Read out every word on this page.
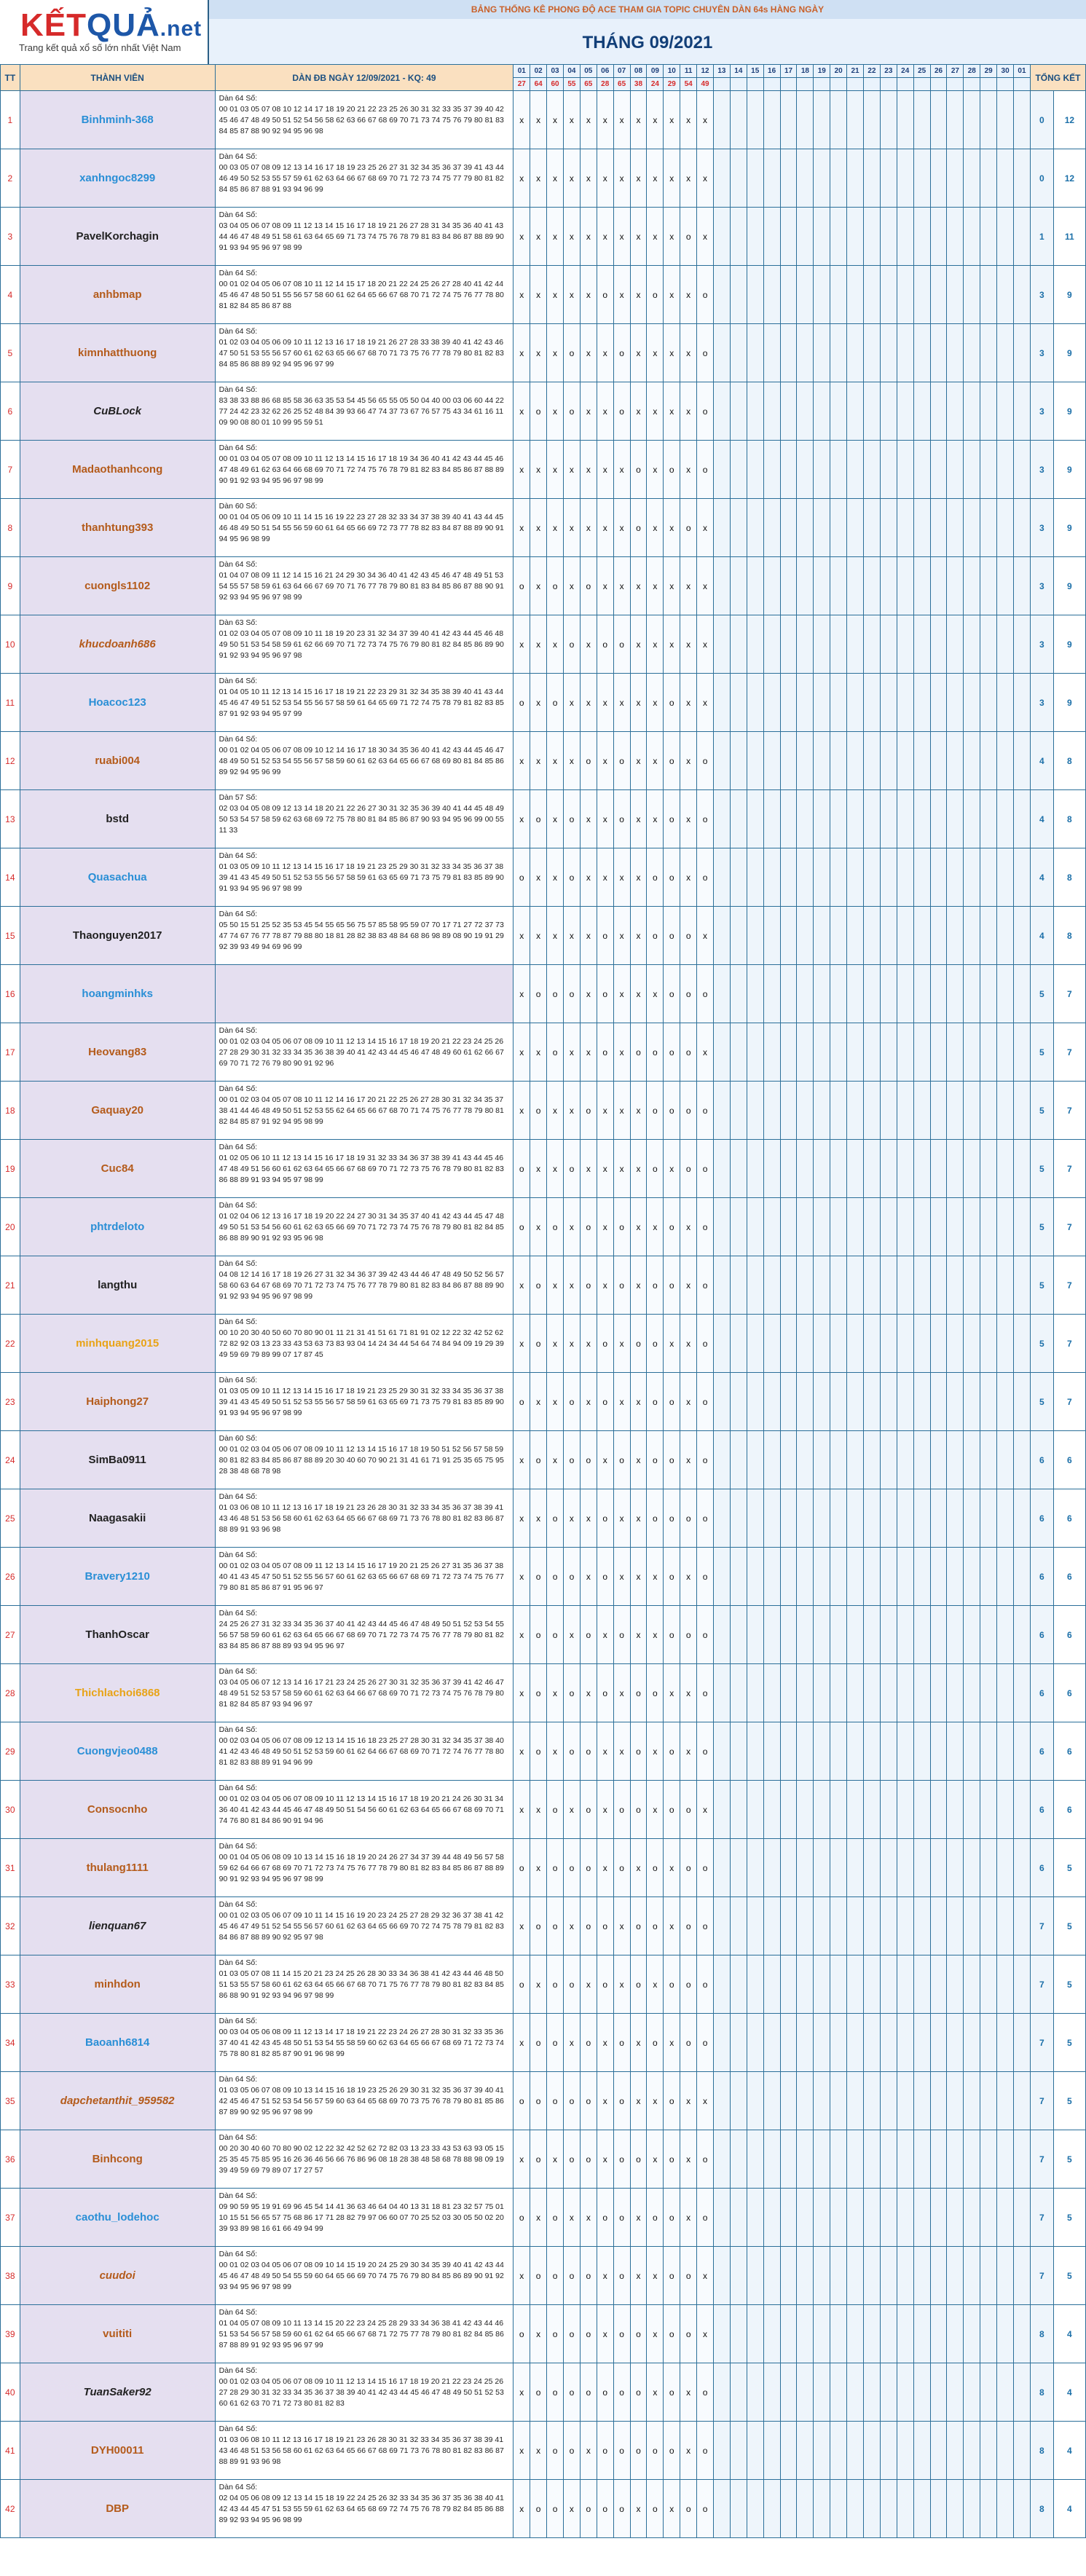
KẾTQUẢ.net
Trang kết quả xổ số lớn nhất Việt Nam
BẢNG THỐNG KÊ PHONG ĐỘ ACE THAM GIA TOPIC CHUYÊN DÀN 64s HÀNG NGÀY
THÁNG 09/2021
TT	THÀNH VIÊN	DÀN ĐB NGÀY 12/09/2021 - KQ: 49	01	02	03	04	05	06	07	08	09	10	11	12	13	14	15	16	17	18	19	20	21	22	23	24	25	26	27	28	29	30	01	TỔNG KẾT	
			27	64	60	55	65	28	65	38	24	29	54	49																					
1	Binhminh-368	Dàn 64 Số:
00 01 03 05 07 08 10 12 14 17 18 19 20 21 22 23 25 26 30 31 32 33 35 37 39 40 42 45 46 47 48 49 50 51 52 54 56 58 62 63 66 67 68 69 70 71 73 74 75 76 79 80 81 83 84 85 87 88 90 92 94 95 96 98	x	x	x	x	x	x	x	x	x	x	x	x																				0	12
2	xanhngoc8299	Dàn 64 Số:
00 03 05 07 08 09 12 13 14 16 17 18 19 23 25 26 27 31 32 34 35 36 37 39 41 43 44 46 49 50 52 53 55 57 59 61 62 63 64 66 67 68 69 70 71 72 73 74 75 77 79 80 81 82 84 85 86 87 88 91 93 94 96 99	x	x	x	x	x	x	x	x	x	x	x	x																				0	12
3	PavelKorchagin	Dàn 64 Số:
03 04 05 06 07 08 09 11 12 13 14 15 16 17 18 19 21 26 27 28 31 34 35 36 40 41 43 44 46 47 48 49 51 58 61 63 64 65 69 71 73 74 75 76 78 79 81 83 84 86 87 88 89 90 91 93 94 95 96 97 98 99	x	x	x	x	x	x	x	x	x	x	o	x																				1	11
4	anhbmap	Dàn 64 Số:
00 01 02 04 05 06 07 08 10 11 12 14 15 17 18 20 21 22 24 25 26 27 28 40 41 42 44 45 46 47 48 50 51 55 56 57 58 60 61 62 64 65 66 67 68 70 71 72 74 75 76 77 78 80 81 82 84 85 86 87 88	x	x	x	x	x	o	x	x	o	x	x	o																				3	9
5	kimnhatthuong	Dàn 64 Số:
01 02 03 04 05 06 09 10 11 12 13 16 17 18 19 21 26 27 28 33 38 39 40 41 42 43 46 47 50 51 53 55 56 57 60 61 62 63 65 66 67 68 70 71 73 75 76 77 78 79 80 81 82 83 84 85 86 88 89 92 94 95 96 97 99	x	x	x	o	x	x	o	x	x	x	x	o																				3	9
6	CuBLock	Dàn 64 Số:
83 38 33 88 86 68 85 58 36 63 35 53 54 45 56 65 55 05 50 04 40 00 03 06 60 44 22 77 24 42 23 32 62 26 25 52 48 84 39 93 66 47 74 37 73 67 76 57 75 43 34 61 16 11 09 90 08 80 01 10 99 95 59 51	x	o	x	o	x	x	o	x	x	x	x	o																				3	9
7	Madaothanhcong	Dàn 64 Số:
00 01 03 04 05 07 08 09 10 11 12 13 14 15 16 17 18 19 34 36 40 41 42 43 44 45 46 47 48 49 61 62 63 64 66 68 69 70 71 72 74 75 76 78 79 81 82 83 84 85 86 87 88 89 90 91 92 93 94 95 96 97 98 99	x	x	x	x	x	x	x	o	x	o	x	o																				3	9
8	thanhtung393	Dàn 60 Số:
00 01 04 05 06 09 10 11 14 15 16 19 22 23 27 28 32 33 34 37 38 39 40 41 43 44 45 46 48 49 50 51 54 55 56 59 60 61 64 65 66 69 72 73 77 78 82 83 84 87 88 89 90 91 94 95 96 98 99	x	x	x	x	x	x	x	o	x	x	o	x																				3	9
9	cuongls1102	Dàn 64 Số:
01 04 07 08 09 11 12 14 15 16 21 24 29 30 34 36 40 41 42 43 45 46 47 48 49 51 53 54 55 57 58 59 61 63 64 66 67 69 70 71 76 77 78 79 80 81 83 84 85 86 87 88 90 91 92 93 94 95 96 97 98 99	o	x	o	x	o	x	x	x	x	x	x	x																				3	9
10	khucdoanh686	Dàn 63 Số:
01 02 03 04 05 07 08 09 10 11 18 19 20 23 31 32 34 37 39 40 41 42 43 44 45 46 48 49 50 51 53 54 58 59 61 62 66 69 70 71 72 73 74 75 76 79 80 81 82 84 85 86 89 90 91 92 93 94 95 96 97 98	x	x	x	o	x	o	o	x	x	x	x	x																				3	9
11	Hoacoc123	Dàn 64 Số:
01 04 05 10 11 12 13 14 15 16 17 18 19 21 22 23 29 31 32 34 35 38 39 40 41 43 44 45 46 47 49 51 52 53 54 55 56 57 58 59 61 64 65 69 71 72 74 75 78 79 81 82 83 85 87 91 92 93 94 95 97 99	o	x	o	x	x	x	x	x	x	o	x	x																				3	9
12	ruabi004	Dàn 64 Số:
00 01 02 04 05 06 07 08 09 10 12 14 16 17 18 30 34 35 36 40 41 42 43 44 45 46 47 48 49 50 51 52 53 54 55 56 57 58 59 60 61 62 63 64 65 66 67 68 69 80 81 84 85 86 89 92 94 95 96 99	x	x	x	x	o	x	o	x	x	o	x	o																				4	8
13	bstd	Dàn 57 Số:
02 03 04 05 08 09 12 13 14 18 20 21 22 26 27 30 31 32 35 36 39 40 41 44 45 48 49 50 53 54 57 58 59 62 63 68 69 72 75 78 80 81 84 85 86 87 90 93 94 95 96 99 00 55 11 33	x	o	x	o	x	x	o	x	x	o	x	o																				4	8
14	Quasachua	Dàn 64 Số:
01 03 05 09 10 11 12 13 14 15 16 17 18 19 21 23 25 29 30 31 32 33 34 35 36 37 38 39 41 43 45 49 50 51 52 53 55 56 57 58 59 61 63 65 69 71 73 75 79 81 83 85 89 90 91 93 94 95 96 97 98 99	o	x	x	o	x	x	x	x	o	o	x	o																				4	8
15	Thaonguyen2017	Dàn 64 Số:
05 50 15 51 25 52 35 53 45 54 55 65 56 75 57 85 58 95 59 07 70 17 71 27 72 37 73 47 74 67 76 77 78 87 79 88 80 18 81 28 82 38 83 48 84 68 86 98 89 08 90 19 91 29 92 39 93 49 94 69 96 99	x	x	x	x	x	o	x	x	o	o	o	x																				4	8
16	hoangminhks		x	o	o	o	x	o	x	x	x	o	o	o																				5	7
17	Heovang83	Dàn 64 Số:
00 01 02 03 04 05 06 07 08 09 10 11 12 13 14 15 16 17 18 19 20 21 22 23 24 25 26 27 28 29 30 31 32 33 34 35 36 38 39 40 41 42 43 44 45 46 47 48 49 60 61 62 66 67 69 70 71 72 76 79 80 90 91 92 96	x	x	o	x	x	o	x	o	o	o	o	x																				5	7
18	Gaquay20	Dàn 64 Số:
00 01 02 03 04 05 07 08 10 11 12 14 16 17 20 21 22 25 26 27 28 30 31 32 34 35 37 38 41 44 46 48 49 50 51 52 53 55 62 64 65 66 67 68 70 71 74 75 76 77 78 79 80 81 82 84 85 87 91 92 94 95 98 99	x	o	x	x	o	x	x	x	o	o	o	o																				5	7
19	Cuc84	Dàn 64 Số:
01 02 05 06 10 11 12 13 14 15 16 17 18 19 31 32 33 34 36 37 38 39 41 43 44 45 46 47 48 49 51 56 60 61 62 63 64 65 66 67 68 69 70 71 72 73 75 76 78 79 80 81 82 83 86 88 89 91 93 94 95 97 98 99	o	x	x	o	x	x	x	x	o	x	o	o																				5	7
20	phtrdeloto	Dàn 64 Số:
01 02 04 06 12 13 16 17 18 19 20 22 24 27 30 31 34 35 37 40 41 42 43 44 45 47 48 49 50 51 53 54 56 60 61 62 63 65 66 69 70 71 72 73 74 75 76 78 79 80 81 82 84 85 86 88 89 90 91 92 93 95 96 98	o	x	o	x	o	x	o	x	x	o	x	o																				5	7
21	langthu	Dàn 64 Số:
04 08 12 14 16 17 18 19 26 27 31 32 34 36 37 39 42 43 44 46 47 48 49 50 52 56 57 58 60 63 64 67 68 69 70 71 72 73 74 75 76 77 78 79 80 81 82 83 84 86 87 88 89 90 91 92 93 94 95 96 97 98 99	x	o	x	x	o	x	o	x	o	o	x	o																				5	7
22	minhquang2015	Dàn 64 Số:
00 10 20 30 40 50 60 70 80 90 01 11 21 31 41 51 61 71 81 91 02 12 22 32 42 52 62 72 82 92 03 13 23 33 43 53 63 73 83 93 04 14 24 34 44 54 64 74 84 94 09 19 29 39 49 59 69 79 89 99 07 17 87 45	x	o	x	x	x	o	x	o	o	x	x	o																				5	7
23	Haiphong27	Dàn 64 Số:
01 03 05 09 10 11 12 13 14 15 16 17 18 19 21 23 25 29 30 31 32 33 34 35 36 37 38 39 41 43 45 49 50 51 52 53 55 56 57 58 59 61 63 65 69 71 73 75 79 81 83 85 89 90 91 93 94 95 96 97 98 99	o	x	x	o	x	o	x	x	o	o	x	o																				5	7
24	SimBa0911	Dàn 60 Số:
00 01 02 03 04 05 06 07 08 09 10 11 12 13 14 15 16 17 18 19 50 51 52 56 57 58 59 80 81 82 83 84 85 86 87 88 89 20 30 40 60 70 90 21 31 41 61 71 91 25 35 65 75 95 28 38 48 68 78 98	x	o	x	o	o	x	o	x	o	o	x	o																				6	6
25	Naagasakii	Dàn 64 Số:
01 03 06 08 10 11 12 13 16 17 18 19 21 23 26 28 30 31 32 33 34 35 36 37 38 39 41 43 46 48 51 53 56 58 60 61 62 63 64 65 66 67 68 69 71 73 76 78 80 81 82 83 86 87 88 89 91 93 96 98	x	x	o	x	x	o	x	x	o	o	o	o																				6	6
26	Bravery1210	Dàn 64 Số:
00 01 02 03 04 05 07 08 09 11 12 13 14 15 16 17 19 20 21 25 26 27 31 35 36 37 38 40 41 43 45 47 50 51 52 55 56 57 60 61 62 63 65 66 67 68 69 71 72 73 74 75 76 77 79 80 81 85 86 87 91 95 96 97	x	o	o	o	x	o	x	x	x	o	x	o																				6	6
27	ThanhOscar	Dàn 64 Số:
24 25 26 27 31 32 33 34 35 36 37 40 41 42 43 44 45 46 47 48 49 50 51 52 53 54 55 56 57 58 59 60 61 62 63 64 65 66 67 68 69 70 71 72 73 74 75 76 77 78 79 80 81 82 83 84 85 86 87 88 89 93 94 95 96 97	x	o	o	x	o	x	o	x	x	o	o	o																				6	6
28	Thichlachoi6868	Dàn 64 Số:
03 04 05 06 07 12 13 14 16 17 21 23 24 25 26 27 30 31 32 35 36 37 39 41 42 46 47 48 49 51 52 53 57 58 59 60 61 62 63 64 66 67 68 69 70 71 72 73 74 75 76 78 79 80 81 82 84 85 87 93 94 96 97	x	o	x	o	x	o	x	o	o	x	x	o																				6	6
29	Cuongvjeo0488	Dàn 64 Số:
00 02 03 04 05 06 07 08 09 12 13 14 15 16 18 23 25 27 28 30 31 32 34 35 37 38 40 41 42 43 46 48 49 50 51 52 53 59 60 61 62 64 66 67 68 69 70 71 72 74 76 77 78 80 81 82 83 88 89 91 94 96 99	x	o	x	o	o	x	x	o	x	o	x	o																				6	6
30	Consocnho	Dàn 64 Số:
00 01 02 03 04 05 06 07 08 09 10 11 12 13 14 15 16 17 18 19 20 21 24 26 30 31 34 36 40 41 42 43 44 45 46 47 48 49 50 51 54 56 60 61 62 63 64 65 66 67 68 69 70 71 74 76 80 81 84 86 90 91 94 96	x	x	o	x	o	x	o	o	x	o	o	x																				6	6
31	thulang1111	Dàn 64 Số:
00 01 04 05 06 08 09 10 13 14 15 16 18 19 20 24 26 27 34 37 39 44 48 49 56 57 58 59 62 64 66 67 68 69 70 71 72 73 74 75 76 77 78 79 80 81 82 83 84 85 86 87 88 89 90 91 92 93 94 95 96 97 98 99	o	x	o	o	o	x	o	x	o	x	o	o																				6	5
32	lienquan67	Dàn 64 Số:
00 01 02 03 05 06 07 09 10 11 14 15 16 19 20 23 24 25 27 28 29 32 36 37 38 41 42 45 46 47 49 51 52 54 55 56 57 60 61 62 63 64 65 66 69 70 72 74 75 78 79 81 82 83 84 86 87 88 89 90 92 95 97 98	x	o	o	x	o	o	x	o	o	x	o	o																				7	5
33	minhdon	Dàn 64 Số:
01 03 05 07 08 11 14 15 20 21 23 24 25 26 28 30 33 34 36 38 41 42 43 44 46 48 50 51 53 55 57 58 60 61 62 63 64 65 66 67 68 70 71 75 76 77 78 79 80 81 82 83 84 85 86 88 90 91 92 93 94 96 97 98 99	o	x	o	o	x	o	x	o	x	o	o	o																				7	5
34	Baoanh6814	Dàn 64 Số:
00 03 04 05 06 08 09 11 12 13 14 17 18 19 21 22 23 24 26 27 28 30 31 32 33 35 36 37 40 41 42 43 45 48 50 51 53 54 55 58 59 60 62 63 64 65 66 67 68 69 71 72 73 74 75 78 80 81 82 85 87 90 91 96 98 99	x	o	o	x	o	x	o	x	o	x	o	o																				7	5
35	dapchetanthit_959582	Dàn 64 Số:
01 03 05 06 07 08 09 10 13 14 15 16 18 19 23 25 26 29 30 31 32 35 36 37 39 40 41 42 45 46 47 51 52 53 54 56 57 59 60 63 64 65 68 69 70 73 75 76 78 79 80 81 85 86 87 89 90 92 95 96 97 98 99	o	o	o	o	o	x	o	x	x	o	x	x																				7	5
36	Binhcong	Dàn 64 Số:
00 20 30 40 60 70 80 90 02 12 22 32 42 52 62 72 82 03 13 23 33 43 53 63 93 05 15 25 35 45 75 85 95 16 26 36 46 56 66 76 86 96 08 18 28 38 48 58 68 78 88 98 09 19 39 49 59 69 79 89 07 17 27 57	x	o	x	o	o	x	o	o	x	o	x	o																				7	5
37	caothu_lodehoc	Dàn 64 Số:
09 90 59 95 19 91 69 96 45 54 14 41 36 63 46 64 04 40 13 31 18 81 23 32 57 75 01 10 15 51 56 65 57 75 68 86 17 71 28 82 79 97 06 60 07 70 25 52 03 30 05 50 02 20 39 93 89 98 16 61 66 49 94 99	o	x	o	x	x	o	o	x	o	o	x	o																				7	5
38	cuudoi	Dàn 64 Số:
00 01 02 03 04 05 06 07 08 09 10 14 15 19 20 24 25 29 30 34 35 39 40 41 42 43 44 45 46 47 48 49 50 54 55 59 60 64 65 66 69 70 74 75 76 79 80 84 85 86 89 90 91 92 93 94 95 96 97 98 99	x	o	o	o	o	x	o	x	x	o	o	x																				7	5
39	vuititi	Dàn 64 Số:
01 04 05 07 08 09 10 11 13 14 15 20 22 23 24 25 28 29 33 34 36 38 41 42 43 44 46 51 53 54 56 57 58 59 60 61 62 64 65 66 67 68 71 72 75 77 78 79 80 81 82 84 85 86 87 88 89 91 92 93 95 96 97 99	o	x	o	o	o	x	o	o	x	o	o	x																				8	4
40	TuanSaker92	Dàn 64 Số:
00 01 02 03 04 05 06 07 08 09 10 11 12 13 14 15 16 17 18 19 20 21 22 23 24 25 26 27 28 29 30 31 32 33 34 35 36 37 38 39 40 41 42 43 44 45 46 47 48 49 50 51 52 53 60 61 62 63 70 71 72 73 80 81 82 83	x	o	o	o	o	o	o	o	x	o	x	o																				8	4
41	DYH00011	Dàn 64 Số:
01 03 06 08 10 11 12 13 16 17 18 19 21 23 26 28 30 31 32 33 34 35 36 37 38 39 41 43 46 48 51 53 56 58 60 61 62 63 64 65 66 67 68 69 71 73 76 78 80 81 82 83 86 87 88 89 91 93 96 98	x	x	o	o	x	o	o	o	o	o	x	o																				8	4
42	DBP	Dàn 64 Số:
02 04 05 06 08 09 12 13 14 15 18 19 22 24 25 26 32 33 34 35 36 37 35 36 38 40 41 42 43 44 45 47 51 53 55 59 61 62 63 64 65 68 69 72 74 75 76 78 79 82 84 85 86 88 89 92 93 94 95 96 98 99	x	o	o	x	o	o	o	x	o	x	o	o																				8	4
